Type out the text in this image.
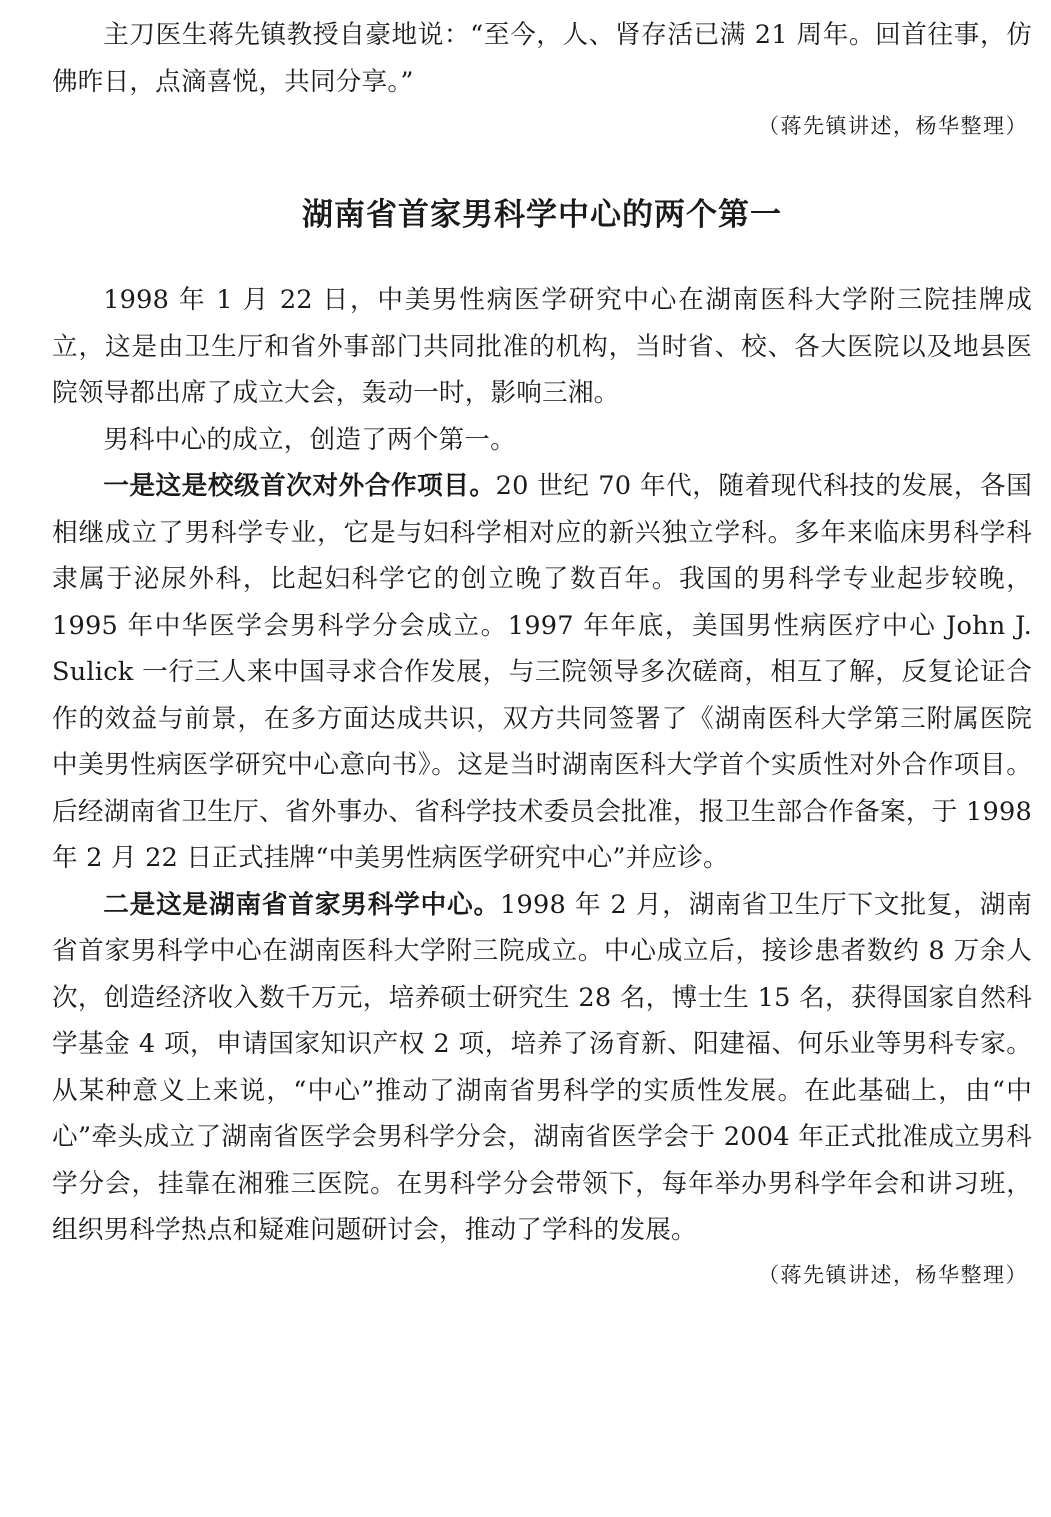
主刀医生蒋先镇教授自豪地说：“至今，人、肾存活已满 21 周年。回首往事，仿佛昨日，点滴喜悦，共同分享。”

（蒋先镇讲述，杨华整理）
湖南省首家男科学中心的两个第一

1998 年 1 月 22 日，中美男性病医学研究中心在湖南医科大学附三院挂牌成立，这是由卫生厅和省外事部门共同批准的机构，当时省、校、各大医院以及地县医院领导都出席了成立大会，轰动一时，影响三湘。

男科中心的成立，创造了两个第一。

一是这是校级首次对外合作项目。20 世纪 70 年代，随着现代科技的发展，各国相继成立了男科学专业，它是与妇科学相对应的新兴独立学科。多年来临床男科学科隶属于泌尿外科，比起妇科学它的创立晚了数百年。我国的男科学专业起步较晚，1995 年中华医学会男科学分会成立。1997 年年底，美国男性病医疗中心 John J. Sulick 一行三人来中国寻求合作发展，与三院领导多次磋商，相互了解，反复论证合作的效益与前景，在多方面达成共识，双方共同签署了《湖南医科大学第三附属医院中美男性病医学研究中心意向书》。这是当时湖南医科大学首个实质性对外合作项目。后经湖南省卫生厅、省外事办、省科学技术委员会批准，报卫生部合作备案，于 1998 年 2 月 22 日正式挂牌“中美男性病医学研究中心”并应诊。

二是这是湖南省首家男科学中心。1998 年 2 月，湖南省卫生厅下文批复，湖南省首家男科学中心在湖南医科大学附三院成立。中心成立后，接诊患者数约 8 万余人次，创造经济收入数千万元，培养硕士研究生 28 名，博士生 15 名，获得国家自然科学基金 4 项，申请国家知识产权 2 项，培养了汤育新、阳建福、何乐业等男科专家。从某种意义上来说，“中心”推动了湖南省男科学的实质性发展。在此基础上，由“中心”牵头成立了湖南省医学会男科学分会，湖南省医学会于 2004 年正式批准成立男科学分会，挂靠在湘雅三医院。在男科学分会带领下，每年举办男科学年会和讲习班，组织男科学热点和疑难问题研讨会，推动了学科的发展。

（蒋先镇讲述，杨华整理）
